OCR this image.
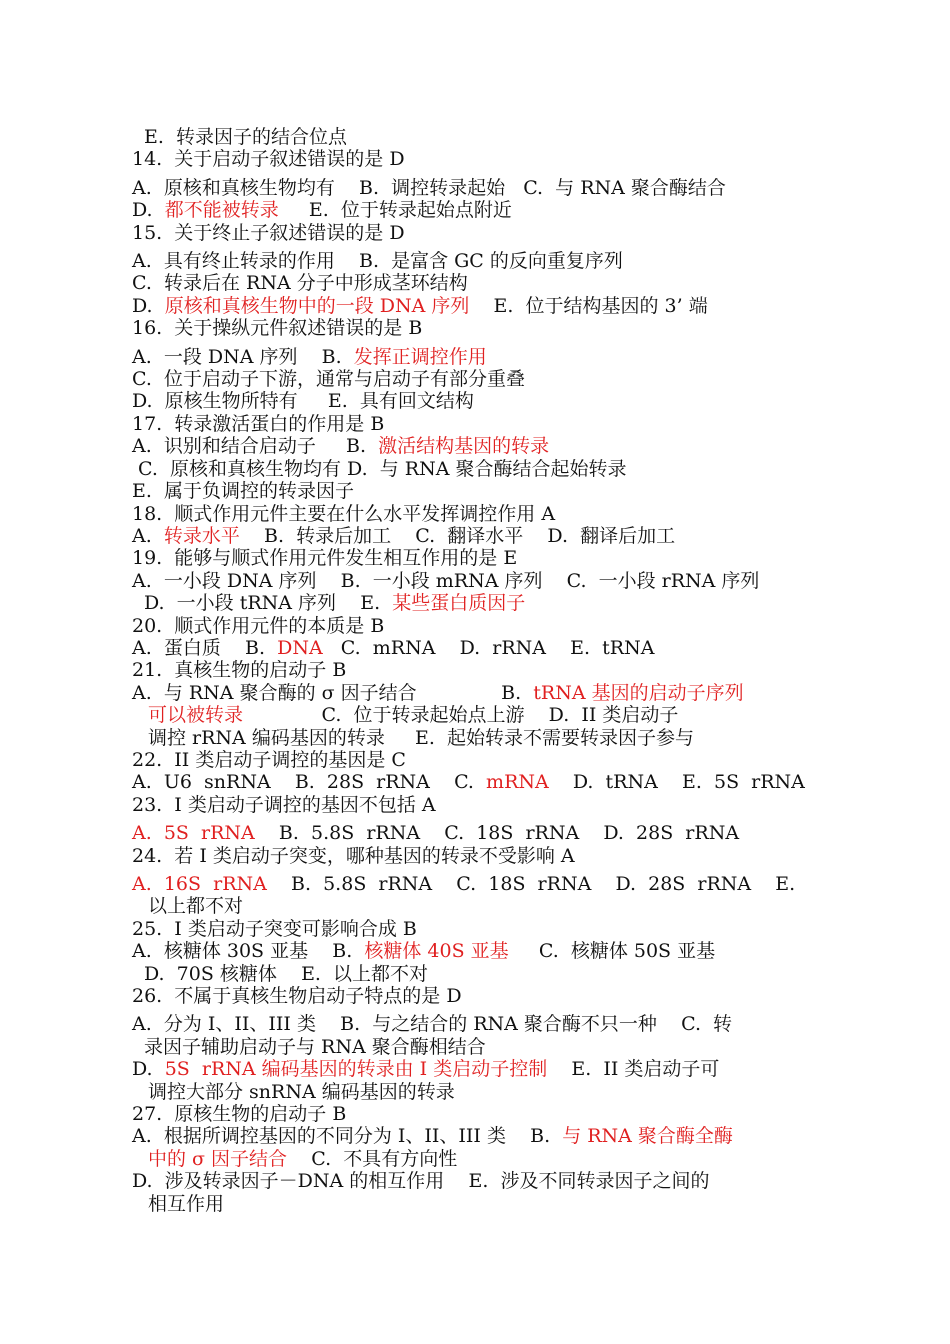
E.  转录因子的结合位点
14.  关于启动子叙述错误的是 D
A.  原核和真核生物均有    B.  调控转录起始   C.  与 RNA 聚合酶结合
D.  都不能被转录     E.  位于转录起始点附近
15.  关于终止子叙述错误的是 D
A.  具有终止转录的作用    B.  是富含 GC 的反向重复序列
C.  转录后在 RNA 分子中形成茎环结构
D.  原核和真核生物中的一段 DNA 序列    E.  位于结构基因的 3’ 端
16.  关于操纵元件叙述错误的是 B
A.  一段 DNA 序列    B.  发挥正调控作用
C.  位于启动子下游，通常与启动子有部分重叠
D.  原核生物所特有     E.  具有回文结构
17.  转录激活蛋白的作用是 B
A.  识别和结合启动子     B.  激活结构基因的转录
C.  原核和真核生物均有 D.  与 RNA 聚合酶结合起始转录
E.  属于负调控的转录因子
18.  顺式作用元件主要在什么水平发挥调控作用 A
A.  转录水平    B.  转录后加工    C.  翻译水平    D.  翻译后加工
19.  能够与顺式作用元件发生相互作用的是 E
A.  一小段 DNA 序列    B.  一小段 mRNA 序列    C.  一小段 rRNA 序列
D.  一小段 tRNA 序列    E.  某些蛋白质因子
20.  顺式作用元件的本质是 B
A.  蛋白质    B.  DNA   C.  mRNA    D.  rRNA    E.  tRNA
21.  真核生物的启动子 B
A.  与 RNA 聚合酶的 σ 因子结合              B.  tRNA 基因的启动子序列
可以被转录             C.  位于转录起始点上游    D.  II 类启动子
调控 rRNA 编码基因的转录     E.  起始转录不需要转录因子参与
22.  II 类启动子调控的基因是 C
A.  U6  snRNA    B.  28S  rRNA    C.  mRNA    D.  tRNA    E.  5S  rRNA
23.  I 类启动子调控的基因不包括 A
A.  5S  rRNA    B.  5.8S  rRNA    C.  18S  rRNA    D.  28S  rRNA
24.  若 I 类启动子突变，哪种基因的转录不受影响 A
A.  16S  rRNA    B.  5.8S  rRNA    C.  18S  rRNA    D.  28S  rRNA    E.
以上都不对
25.  I 类启动子突变可影响合成 B
A.  核糖体 30S 亚基    B.  核糖体 40S 亚基     C.  核糖体 50S 亚基
D.  70S 核糖体    E.  以上都不对
26.  不属于真核生物启动子特点的是 D
A.  分为 I、II、III 类    B.  与之结合的 RNA 聚合酶不只一种    C.  转
录因子辅助启动子与 RNA 聚合酶相结合
D.  5S  rRNA 编码基因的转录由 I 类启动子控制    E.  II 类启动子可
调控大部分 snRNA 编码基因的转录
27.  原核生物的启动子 B
A.  根据所调控基因的不同分为 I、II、III 类    B.  与 RNA 聚合酶全酶
中的 σ 因子结合    C.  不具有方向性
D.  涉及转录因子－DNA 的相互作用    E.  涉及不同转录因子之间的
相互作用
